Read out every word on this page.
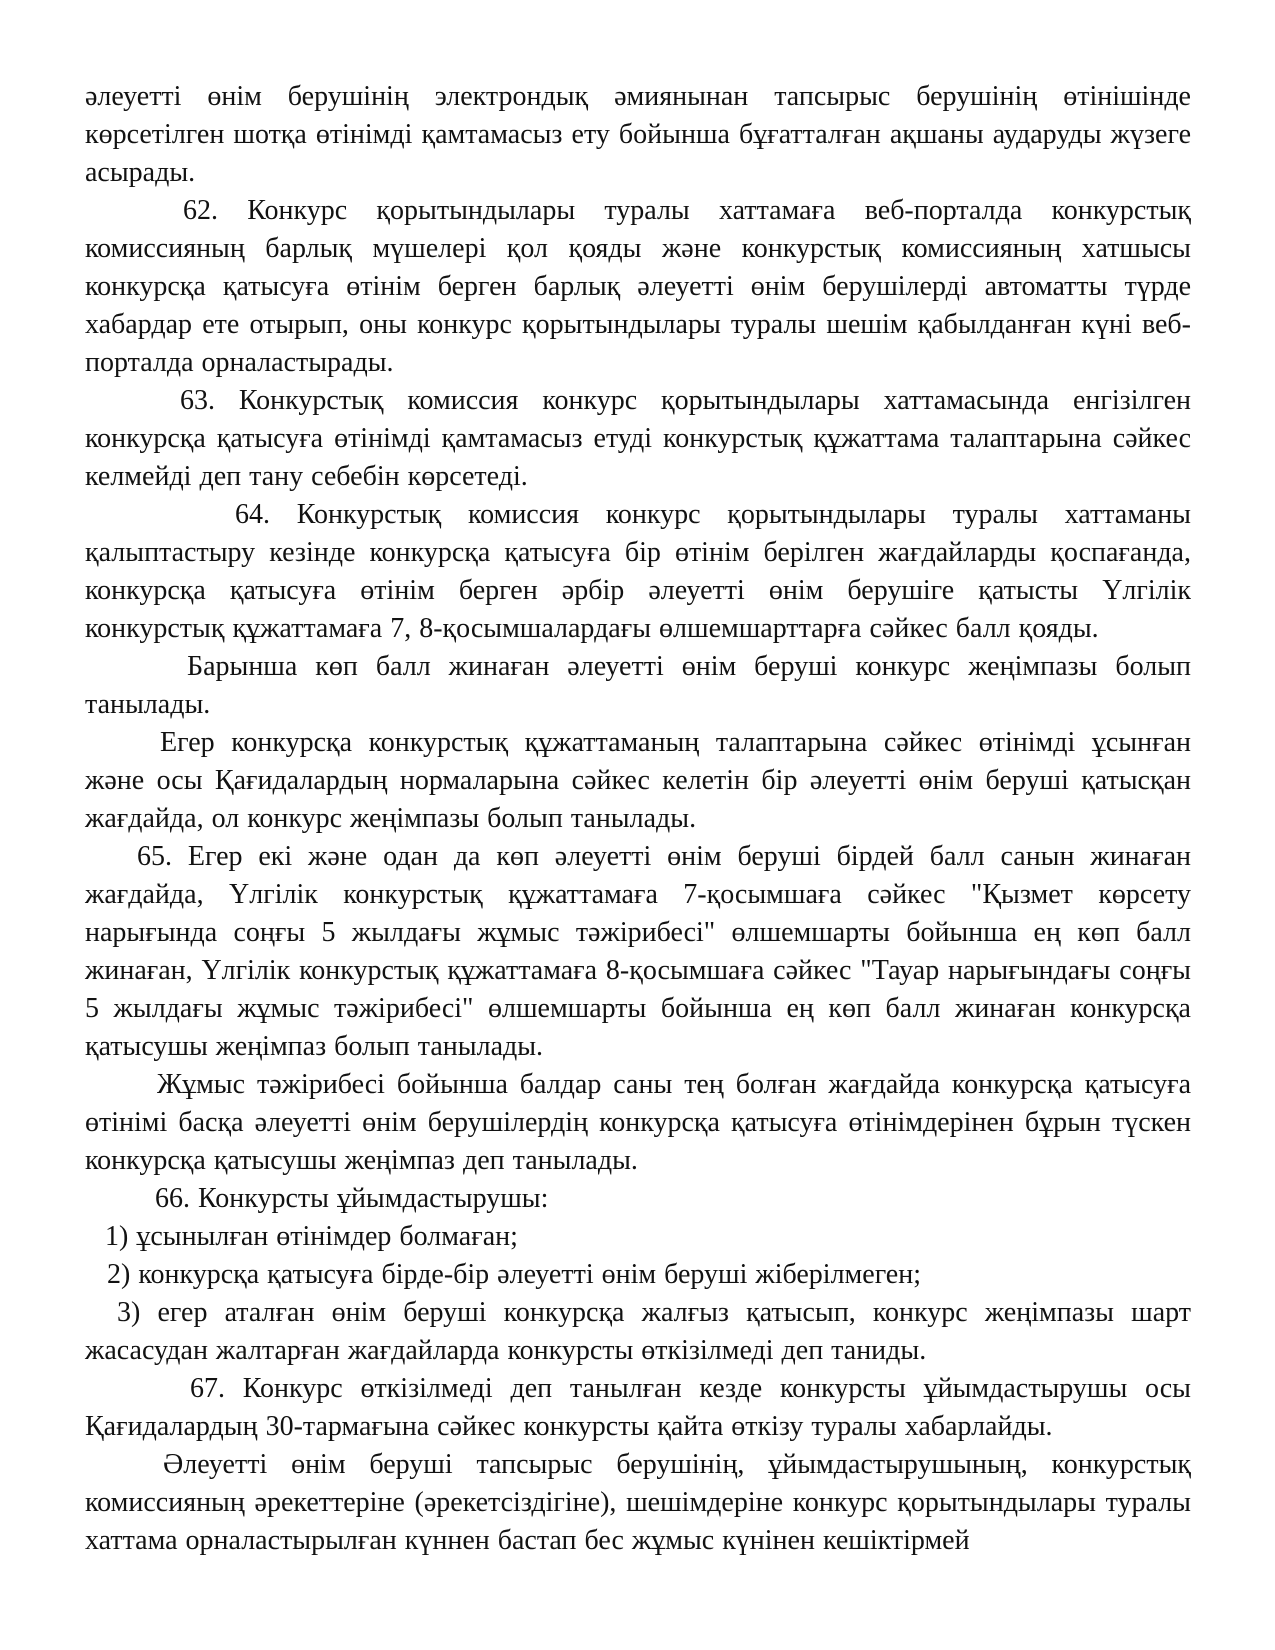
әлеуетті өнім берушінің электрондық әмиянынан тапсырыс берушінің өтінішінде көрсетілген шотқа өтінімді қамтамасыз ету бойынша бұғатталған ақшаны аударуды жүзеге асырады.

62. Конкурс қорытындылары туралы хаттамаға веб-порталда конкурстық комиссияның барлық мүшелері қол қояды және конкурстық комиссияның хатшысы конкурсқа қатысуға өтінім берген барлық әлеуетті өнім берушілерді автоматты түрде хабардар ете отырып, оны конкурс қорытындылары туралы шешім қабылданған күні веб-порталда орналастырады.

63. Конкурстық комиссия конкурс қорытындылары хаттамасында енгізілген конкурсқа қатысуға өтінімді қамтамасыз етуді конкурстық құжаттама талаптарына сәйкес келмейді деп тану себебін көрсетеді.

64. Конкурстық комиссия конкурс қорытындылары туралы хаттаманы қалыптастыру кезінде конкурсқа қатысуға бір өтінім берілген жағдайларды қоспағанда, конкурсқа қатысуға өтінім берген әрбір әлеуетті өнім берушіге қатысты Үлгілік конкурстық құжаттамаға 7, 8-қосымшалардағы өлшемшарттарға сәйкес балл қояды.

Барынша көп балл жинаған әлеуетті өнім беруші конкурс жеңімпазы болып танылады.

Егер конкурсқа конкурстық құжаттаманың талаптарына сәйкес өтінімді ұсынған және осы Қағидалардың нормаларына сәйкес келетін бір әлеуетті өнім беруші қатысқан жағдайда, ол конкурс жеңімпазы болып танылады.

65. Егер екі және одан да көп әлеуетті өнім беруші бірдей балл санын жинаған жағдайда, Үлгілік конкурстық құжаттамаға 7-қосымшаға сәйкес "Қызмет көрсету нарығында соңғы 5 жылдағы жұмыс тәжірибесі" өлшемшарты бойынша ең көп балл жинаған, Үлгілік конкурстық құжаттамаға 8-қосымшаға сәйкес "Тауар нарығындағы соңғы 5 жылдағы жұмыс тәжірибесі" өлшемшарты бойынша ең көп балл жинаған конкурсқа қатысушы жеңімпаз болып танылады.

Жұмыс тәжірибесі бойынша балдар саны тең болған жағдайда конкурсқа қатысуға өтінімі басқа әлеуетті өнім берушілердің конкурсқа қатысуға өтінімдерінен бұрын түскен конкурсқа қатысушы жеңімпаз деп танылады.

66. Конкурсты ұйымдастырушы:

1) ұсынылған өтінімдер болмаған;

2) конкурсқа қатысуға бірде-бір әлеуетті өнім беруші жіберілмеген;

3) егер аталған өнім беруші конкурсқа жалғыз қатысып, конкурс жеңімпазы шарт жасасудан жалтарған жағдайларда конкурсты өткізілмеді деп таниды.

67. Конкурс өткізілмеді деп танылған кезде конкурсты ұйымдастырушы осы Қағидалардың 30-тармағына сәйкес конкурсты қайта өткізу туралы хабарлайды.

Әлеуетті өнім беруші тапсырыс берушінің, ұйымдастырушының, конкурстық комиссияның әрекеттеріне (әрекетсіздігіне), шешімдеріне конкурс қорытындылары туралы хаттама орналастырылған күннен бастап бес жұмыс күнінен кешіктірмей
